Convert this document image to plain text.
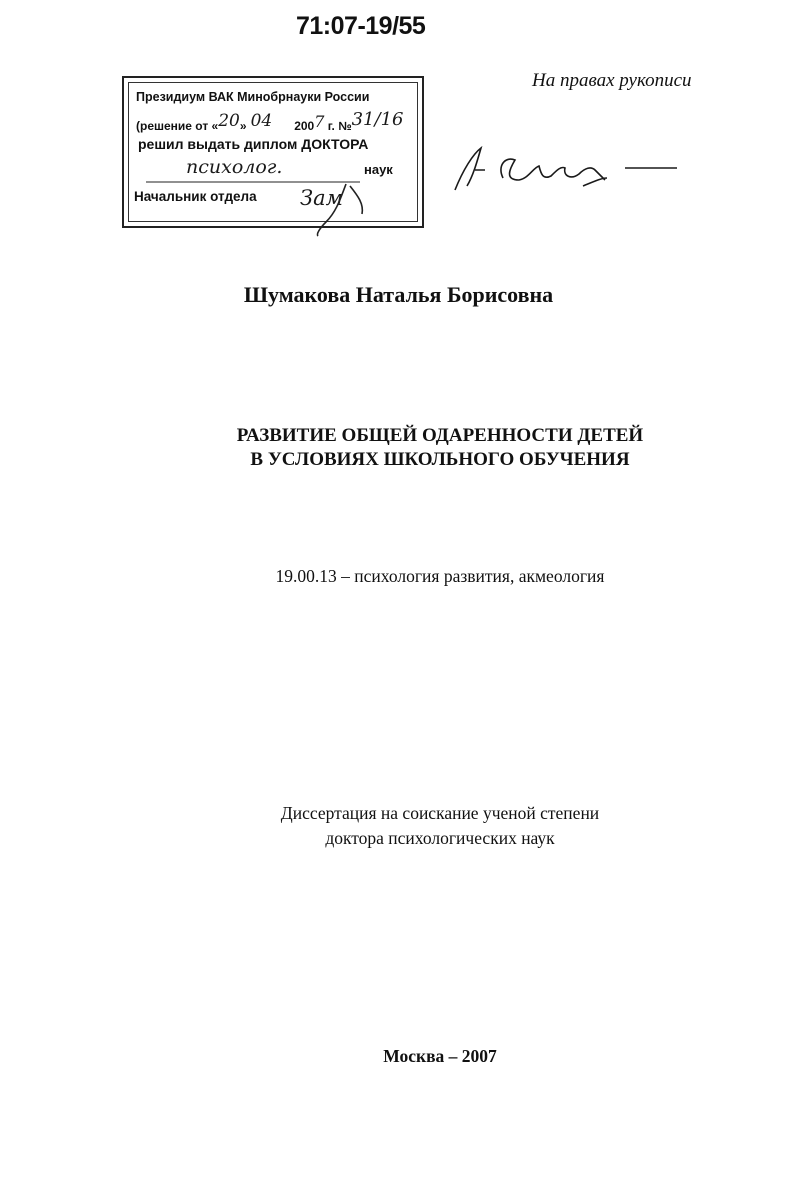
71:07-19/55
На правах рукописи
Президиум ВАК Минобрнауки России
(решение от «20» 04 2007 г. №31/16
решил выдать диплом ДОКТОРА
психолог.	наук
Начальник отдела Зам
Шумакова Наталья Борисовна
РАЗВИТИЕ ОБЩЕЙ ОДАРЕННОСТИ ДЕТЕЙ
В УСЛОВИЯХ ШКОЛЬНОГО ОБУЧЕНИЯ
19.00.13 – психология развития, акмеология
Диссертация на соискание ученой степени
доктора психологических наук
Москва – 2007
